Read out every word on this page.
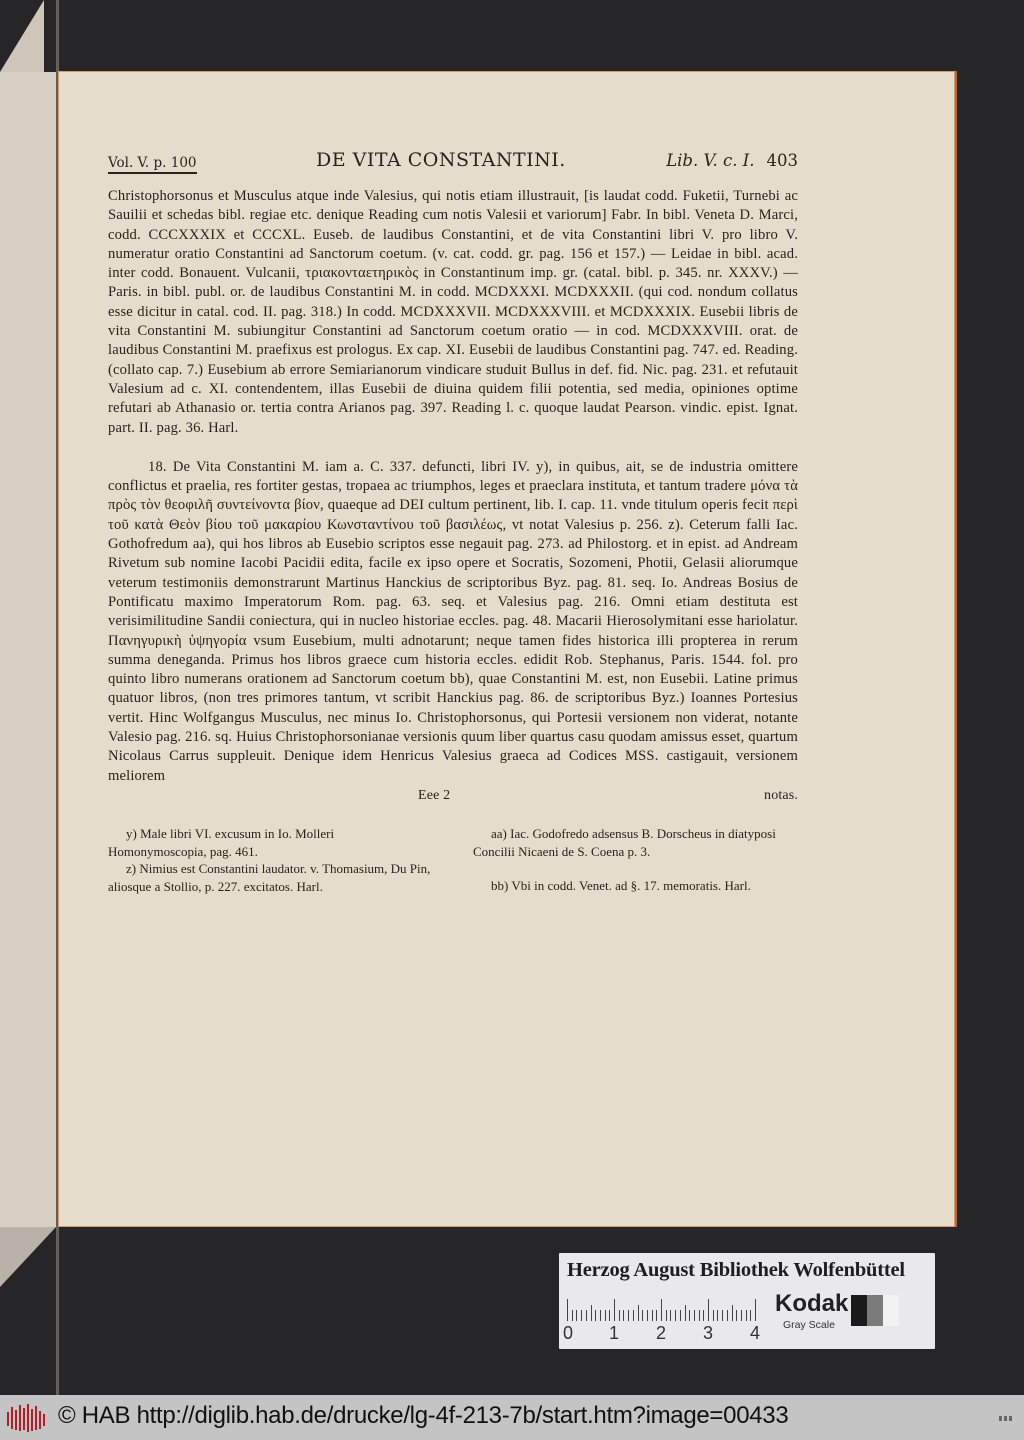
Vol. V. p. 100	DE VITA CONSTANTINI.	Lib. V. c. I. 403

Christophorsonus et Musculus atque inde Valesius, qui notis etiam illustrauit, [is laudat codd. Fuketii, Turnebi ac Sauilii et schedas bibl. regiae etc. denique Reading cum notis Valesii et variorum] Fabr. In bibl. Veneta D. Marci, codd. CCCXXXIX et CCCXL. Euseb. de laudibus Constantini, et de vita Constantini libri V. pro libro V. numeratur oratio Constantini ad Sanctorum coetum. (v. cat. codd. gr. pag. 156 et 157.) — Leidae in bibl. acad. inter codd. Bonauent. Vulcanii, τριακονταετηρικὸς in Constantinum imp. gr. (catal. bibl. p. 345. nr. XXXV.) — Paris. in bibl. publ. or. de laudibus Constantini M. in codd. MCDXXXI. MCDXXXII. (qui cod. nondum collatus esse dicitur in catal. cod. II. pag. 318.) In codd. MCDXXXVII. MCDXXXVIII. et MCDXXXIX. Eusebii libris de vita Constantini M. subiungitur Constantini ad Sanctorum coetum oratio — in cod. MCDXXXVIII. orat. de laudibus Constantini M. praefixus est prologus. Ex cap. XI. Eusebii de laudibus Constantini pag. 747. ed. Reading. (collato cap. 7.) Eusebium ab errore Semiarianorum vindicare studuit Bullus in def. fid. Nic. pag. 231. et refutauit Valesium ad c. XI. contendentem, illas Eusebii de diuina quidem filii potentia, sed media, opiniones optime refutari ab Athanasio or. tertia contra Arianos pag. 397. Reading l. c. quoque laudat Pearson. vindic. epist. Ignat. part. II. pag. 36. Harl.

18. De Vita Constantini M. iam a. C. 337. defuncti, libri IV. y), in quibus, ait, se de industria omittere conflictus et praelia, res fortiter gestas, tropaea ac triumphos, leges et praeclara instituta, et tantum tradere μόνα τὰ πρὸς τὸν θεοφιλῆ συντείνοντα βίον, quaeque ad DEI cultum pertinent, lib. I. cap. 11. vnde titulum operis fecit περὶ τοῦ κατὰ Θεὸν βίου τοῦ μακαρίου Κωνσταντίνου τοῦ βασιλέως, vt notat Valesius p. 256. z). Ceterum falli Iac. Gothofredum aa), qui hos libros ab Eusebio scriptos esse negauit pag. 273. ad Philostorg. et in epist. ad Andream Rivetum sub nomine Iacobi Pacidii edita, facile ex ipso opere et Socratis, Sozomeni, Photii, Gelasii aliorumque veterum testimoniis demonstrarunt Martinus Hanckius de scriptoribus Byz. pag. 81. seq. Io. Andreas Bosius de Pontificatu maximo Imperatorum Rom. pag. 63. seq. et Valesius pag. 216. Omni etiam destituta est verisimilitudine Sandii coniectura, qui in nucleo historiae eccles. pag. 48. Macarii Hierosolymitani esse hariolatur. Πανηγυρικὴ ὑψηγορία vsum Eusebium, multi adnotarunt; neque tamen fides historica illi propterea in rerum summa deneganda. Primus hos libros graece cum historia eccles. edidit Rob. Stephanus, Paris. 1544. fol. pro quinto libro numerans orationem ad Sanctorum coetum bb), quae Constantini M. est, non Eusebii. Latine primus quatuor libros, (non tres primores tantum, vt scribit Hanckius pag. 86. de scriptoribus Byz.) Ioannes Portesius vertit. Hinc Wolfgangus Musculus, nec minus Io. Christophorsonus, qui Portesii versionem non viderat, notante Valesio pag. 216. sq. Huius Christophorsonianae versionis quum liber quartus casu quodam amissus esset, quartum Nicolaus Carrus suppleuit. Denique idem Henricus Valesius graeca ad Codices MSS. castigauit, versionem meliorem

Eee 2	notas.

y) Male libri VI. excusum in Io. Molleri Homonymoscopia, pag. 461.

z) Nimius est Constantini laudator. v. Thomasium, Du Pin, aliosque a Stollio, p. 227. excitatos. Harl.

aa) Iac. Godofredo adsensus B. Dorscheus in diatyposi Concilii Nicaeni de S. Coena p. 3.

bb) Vbi in codd. Venet. ad §. 17. memoratis. Harl.

Herzog August Bibliothek Wolfenbüttel
0 1 2 3 4
Kodak
Gray Scale
© HAB http://diglib.hab.de/drucke/lg-4f-213-7b/start.htm?image=00433
